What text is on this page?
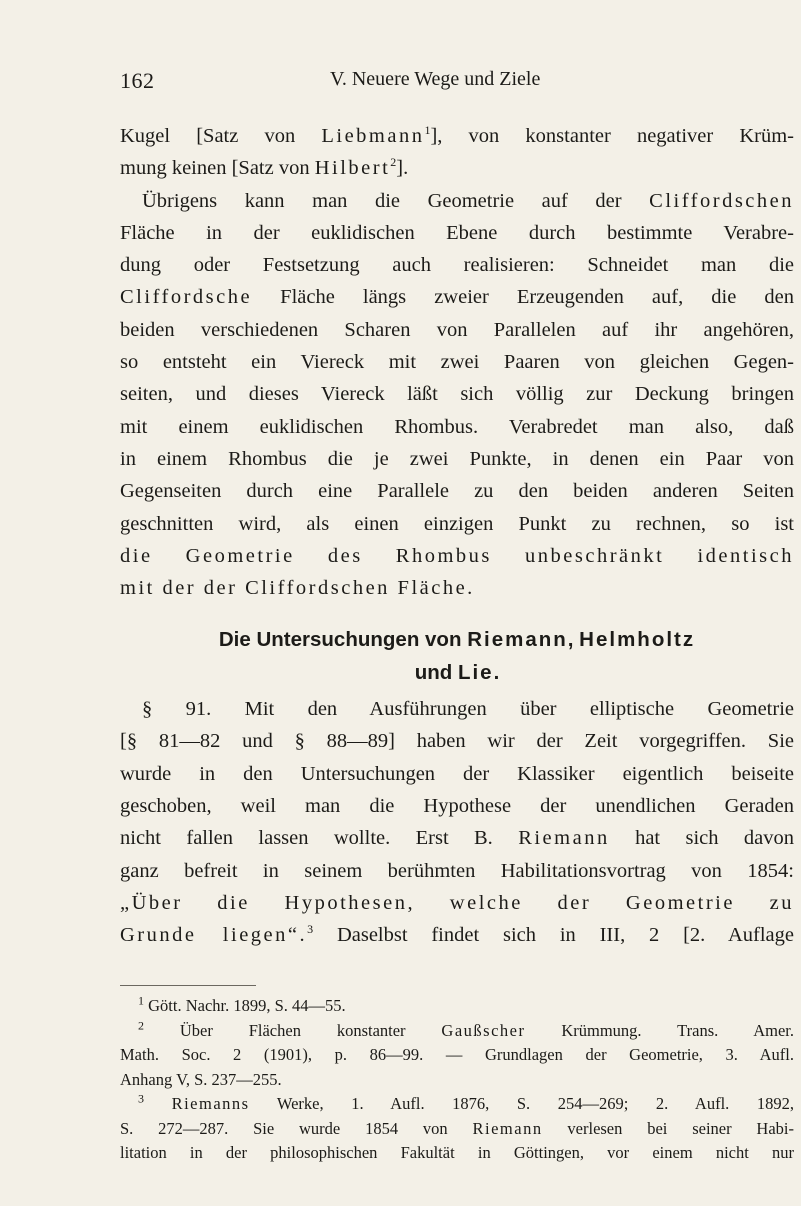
162	V. Neuere Wege und Ziele
Kugel [Satz von Liebmann$^1$], von konstanter negativer Krüm-
mung keinen [Satz von Hilbert$^2$].
Übrigens kann man die Geometrie auf der Cliffordschen
Fläche in der euklidischen Ebene durch bestimmte Verabre-
dung oder Festsetzung auch realisieren: Schneidet man die
Cliffordsche Fläche längs zweier Erzeugenden auf, die den
beiden verschiedenen Scharen von Parallelen auf ihr angehören,
so entsteht ein Viereck mit zwei Paaren von gleichen Gegen-
seiten, und dieses Viereck läßt sich völlig zur Deckung bringen
mit einem euklidischen Rhombus. Verabredet man also, daß
in einem Rhombus die je zwei Punkte, in denen ein Paar von
Gegenseiten durch eine Parallele zu den beiden anderen Seiten
geschnitten wird, als einen einzigen Punkt zu rechnen, so ist
die Geometrie des Rhombus unbeschränkt identisch
mit der der Cliffordschen Fläche.
Die Untersuchungen von Riemann, Helmholtz
und Lie.
§ 91. Mit den Ausführungen über elliptische Geometrie
[§ 81—82 und § 88—89] haben wir der Zeit vorgegriffen. Sie
wurde in den Untersuchungen der Klassiker eigentlich beiseite
geschoben, weil man die Hypothese der unendlichen Geraden
nicht fallen lassen wollte. Erst B. Riemann hat sich davon
ganz befreit in seinem berühmten Habilitationsvortrag von 1854:
„Über die Hypothesen, welche der Geometrie zu
Grunde liegen“.$^3$ Daselbst findet sich in III, 2 [2. Auflage
$^1$ Gött. Nachr. 1899, S. 44—55.
$^2$ Über Flächen konstanter Gaußscher Krümmung. Trans. Amer.
Math. Soc. 2 (1901), p. 86—99. — Grundlagen der Geometrie, 3. Aufl.
Anhang V, S. 237—255.
$^3$ Riemanns Werke, 1. Aufl. 1876, S. 254—269; 2. Aufl. 1892,
S. 272—287. Sie wurde 1854 von Riemann verlesen bei seiner Habi-
litation in der philosophischen Fakultät in Göttingen, vor einem nicht nur
